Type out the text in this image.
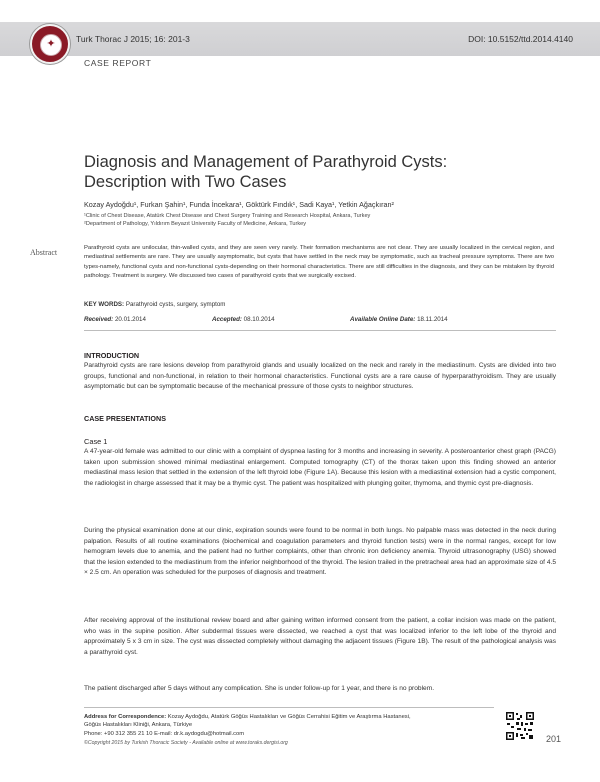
✦	Turk Thorac J 2015; 16: 201-3	DOI: 10.5152/ttd.2014.4140
CASE REPORT
Diagnosis and Management of Parathyroid Cysts:
Description with Two Cases
Kozay Aydoğdu¹, Furkan Şahin¹, Funda İncekara¹, Göktürk Fındık¹, Sadi Kaya¹, Yetkin Ağaçkıran²
¹Clinic of Chest Disease, Atatürk Chest Disease and Chest Surgery Training and Research Hospital, Ankara, Turkey
²Department of Pathology, Yıldırım Beyazıt University Faculty of Medicine, Ankara, Turkey
Abstract	Parathyroid cysts are unilocular, thin-walled cysts, and they are seen very rarely. Their formation mechanisms are not clear. They are usually localized in the cervical region, and mediastinal settlements are rare. They are usually asymptomatic, but cysts that have settled in the neck may be symptomatic, such as tracheal pressure symptoms. There are two types-namely, functional cysts and non-functional cysts-depending on their hormonal characteristics. There are still difficulties in the diagnosis, and they can be mistaken by thyroid pathology. Treatment is surgery. We discussed two cases of parathyroid cysts that we surgically excised.
KEY WORDS: Parathyroid cysts, surgery, symptom
Received: 20.01.2014	Accepted: 08.10.2014	Available Online Date: 18.11.2014
INTRODUCTION
Parathyroid cysts are rare lesions develop from parathyroid glands and usually localized on the neck and rarely in the mediastinum. Cysts are divided into two groups, functional and non-functional, in relation to their hormonal characteristics. Functional cysts are a rare cause of hyperparathyroidism. They are usually asymptomatic but can be symptomatic because of the mechanical pressure of those cysts to neighbor structures.
CASE PRESENTATIONS
Case 1
A 47-year-old female was admitted to our clinic with a complaint of dyspnea lasting for 3 months and increasing in severity. A posteroanterior chest graph (PACG) taken upon submission showed minimal mediastinal enlargement. Computed tomography (CT) of the thorax taken upon this finding showed an anterior mediastinal mass lesion that settled in the extension of the left thyroid lobe (Figure 1A). Because this lesion with a mediastinal extension had a cystic component, the radiologist in charge assessed that it may be a thymic cyst. The patient was hospitalized with plunging goiter, thymoma, and thymic cyst pre-diagnosis.
During the physical examination done at our clinic, expiration sounds were found to be normal in both lungs. No palpable mass was detected in the neck during palpation. Results of all routine examinations (biochemical and coagulation parameters and thyroid function tests) were in the normal ranges, except for low hemogram levels due to anemia, and the patient had no further complaints, other than chronic iron deficiency anemia. Thyroid ultrasonography (USG) showed that the lesion extended to the mediastinum from the inferior neighborhood of the thyroid. The lesion trailed in the pretracheal area had an approximate size of 4.5 × 2.5 cm. An operation was scheduled for the purposes of diagnosis and treatment.
After receiving approval of the institutional review board and after gaining written informed consent from the patient, a collar incision was made on the patient, who was in the supine position. After subdermal tissues were dissected, we reached a cyst that was localized inferior to the left lobe of the thyroid and approximately 5 x 3 cm in size. The cyst was dissected completely without damaging the adjacent tissues (Figure 1B). The result of the pathological analysis was a parathyroid cyst.
The patient discharged after 5 days without any complication. She is under follow-up for 1 year, and there is no problem.
Address for Correspondence: Kozay Aydoğdu, Atatürk Göğüs Hastalıkları ve Göğüs Cerrahisi Eğitim ve Araştırma Hastanesi,
Göğüs Hastalıkları Kliniği, Ankara, Türkiye
Phone: +90 312 355 21 10 E-mail: dr.k.aydogdu@hotmail.com
©Copyright 2015 by Turkish Thoracic Society - Available online at www.toraks.dergisi.org	201
